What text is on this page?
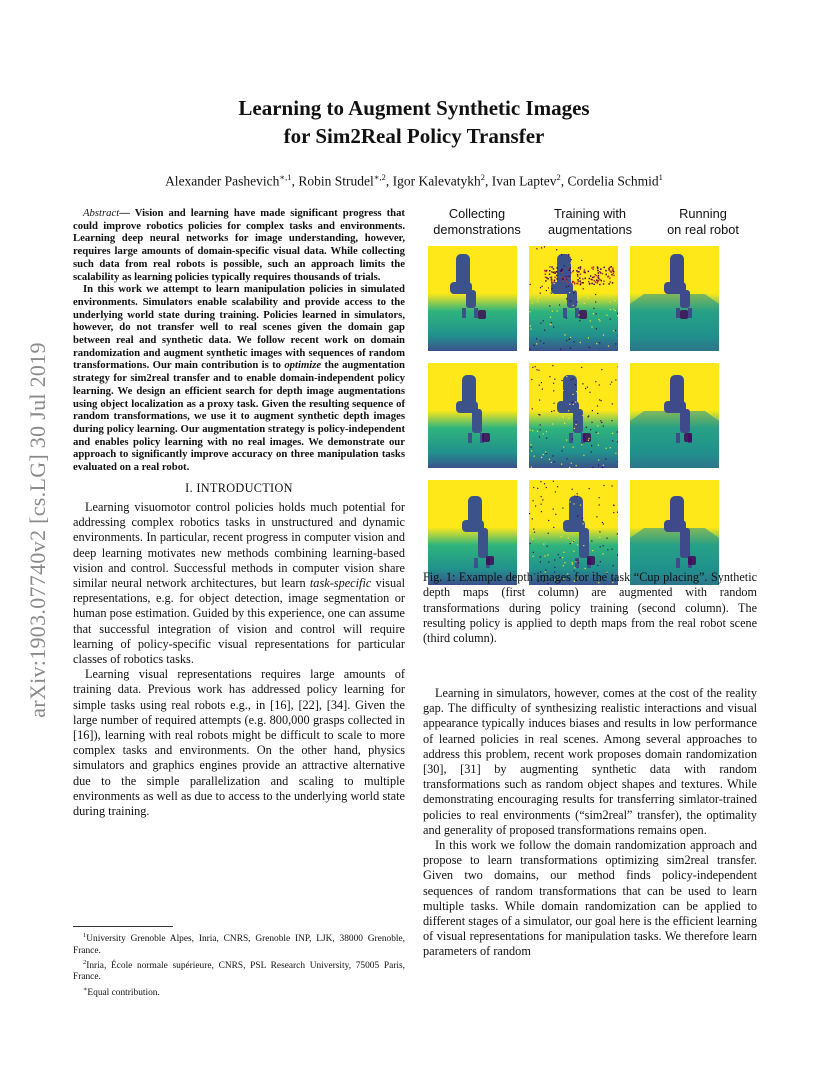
arXiv:1903.07740v2 [cs.LG] 30 Jul 2019
Learning to Augment Synthetic Images
for Sim2Real Policy Transfer
Alexander Pashevich$^{∗,1}$, Robin Strudel$^{∗,2}$, Igor Kalevatykh$^2$, Ivan Laptev$^2$, Cordelia Schmid$^1$

Abstract— Vision and learning have made significant progress that could improve robotics policies for complex tasks and environments. Learning deep neural networks for image understanding, however, requires large amounts of domain-specific visual data. While collecting such data from real robots is possible, such an approach limits the scalability as learning policies typically requires thousands of trials.

In this work we attempt to learn manipulation policies in simulated environments. Simulators enable scalability and provide access to the underlying world state during training. Policies learned in simulators, however, do not transfer well to real scenes given the domain gap between real and synthetic data. We follow recent work on domain randomization and augment synthetic images with sequences of random transformations. Our main contribution is to optimize the augmentation strategy for sim2real transfer and to enable domain-independent policy learning. We design an efficient search for depth image augmentations using object localization as a proxy task. Given the resulting sequence of random transformations, we use it to augment synthetic depth images during policy learning. Our augmentation strategy is policy-independent and enables policy learning with no real images. We demonstrate our approach to significantly improve accuracy on three manipulation tasks evaluated on a real robot.

I. INTRODUCTION

Learning visuomotor control policies holds much potential for addressing complex robotics tasks in unstructured and dynamic environments. In particular, recent progress in computer vision and deep learning motivates new methods combining learning-based vision and control. Successful methods in computer vision share similar neural network architectures, but learn task-specific visual representations, e.g. for object detection, image segmentation or human pose estimation. Guided by this experience, one can assume that successful integration of vision and control will require learning of policy-specific visual representations for particular classes of robotics tasks.

Learning visual representations requires large amounts of training data. Previous work has addressed policy learning for simple tasks using real robots e.g., in [16], [22], [34]. Given the large number of required attempts (e.g. 800,000 grasps collected in [16]), learning with real robots might be difficult to scale to more complex tasks and environments. On the other hand, physics simulators and graphics engines provide an attractive alternative due to the simple parallelization and scaling to multiple environments as well as due to access to the underlying world state during training.

$^1$University Grenoble Alpes, Inria, CNRS, Grenoble INP, LJK, 38000 Grenoble, France.

$^2$Inria, École normale supérieure, CNRS, PSL Research University, 75005 Paris, France.

∗Equal contribution.

Collecting
demonstrations
Training with
augmentations
Running
on real robot
Fig. 1: Example depth images for the task “Cup placing”. Synthetic depth maps (first column) are augmented with random transformations during policy training (second column). The resulting policy is applied to depth maps from the real robot scene (third column).

Learning in simulators, however, comes at the cost of the reality gap. The difficulty of synthesizing realistic interactions and visual appearance typically induces biases and results in low performance of learned policies in real scenes. Among several approaches to address this problem, recent work proposes domain randomization [30], [31] by augmenting synthetic data with random transformations such as random object shapes and textures. While demonstrating encouraging results for transferring simlator-trained policies to real environments (“sim2real” transfer), the optimality and generality of proposed transformations remains open.

In this work we follow the domain randomization approach and propose to learn transformations optimizing sim2real transfer. Given two domains, our method finds policy-independent sequences of random transformations that can be used to learn multiple tasks. While domain randomization can be applied to different stages of a simulator, our goal here is the efficient learning of visual representations for manipulation tasks. We therefore learn parameters of random
